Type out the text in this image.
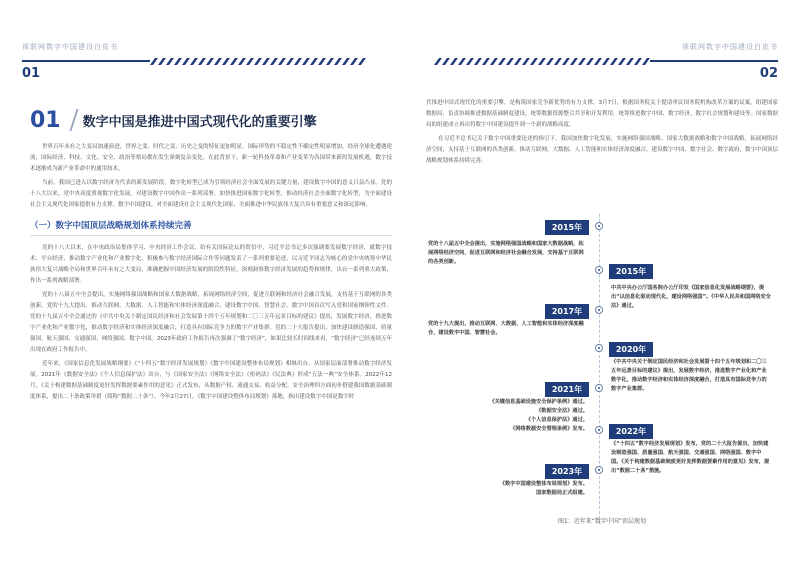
视联网数字中国建设白皮书	视联网数字中国建设白皮书
01	02
01 数字中国是推进中国式现代化的重要引擎

世界百年未有之大变局加速演进，世界之变、时代之变、历史之变的特征更加明显，国际形势的不稳定性不确定性明显增加，经济全球化遭遇逆流，国际经济、科技、文化、安全、政治等格局都在发生深刻复杂变化。在此背景下，新一轮科技革命和产业变革为各国带来新的发展机遇，数字技术逐渐成为新产业革命中的通用技术。

当前，我国已进入以数字经济为代表的新发展阶段，数字化转型已成为引领经济社会全面发展的关键力量，建设数字中国的意义日益凸显。党的十八大以来，党中央高度重视数字化发展，对建设数字中国作出一系列部署，加快推进国家数字化转型，推动经济社会全面数字化转型，为全面建设社会主义现代化国家提供有力支撑。数字中国建设，对全面建设社会主义现代化国家、全面推进中华民族伟大复兴具有重要意义和深远影响。

（一）数字中国顶层战略规划体系持续完善

党的十八大以来，在中央政治局集体学习、中央经济工作会议、给有关国际论坛的贺信中，习近平总书记多次强调要发展数字经济，就数字技术、平台经济、推动数字产业化和产业数字化、积极参与数字经济国际合作等问题发表了一系列重要论述，以习近平同志为核心的党中央统筹中华民族伟大复兴战略全局和世界百年未有之大变局，准确把握中国经济发展的阶段性特征，深刻洞察数字经济发展的趋势和规律，出台一系列重大政策，作出一系列战略部署。

党的十八届五中全会提出，实施网络强国战略和国家大数据战略，拓展网络经济空间，促进互联网和经济社会融合发展，支持基于互联网的各类创新。党的十九大提出，推动互联网、大数据、人工智能和实体经济深度融合，建设数字中国、智慧社会。数字中国首次写入党和国家纲领性文件。党的十九届五中全会通过的《中共中央关于制定国民经济和社会发展第十四个五年规划和二〇三五年远景目标的建议》提出，发展数字经济，推进数字产业化和产业数字化，推动数字经济和实体经济深度融合，打造具有国际竞争力的数字产业集群。党的二十大报告提出，加快建设制造强国、质量强国、航天强国、交通强国、网络强国、数字中国。2023年政府工作报告再次强调了“数字经济”，如果比较长时间线来看，“数字经济”已经连续五年出现在政府工作报告中。

近年来，《国家信息化发展战略纲要》《“十四五”数字经济发展规划》《数字中国建设整体布局规划》相继出台，从国家层面部署推动数字经济发展。2021年《数据安全法》《个人信息保护法》出台，与《国家安全法》《网络安全法》《密码法》《民法典》形成“五法一典”安全体系。2022年12月，《关于构建数据基础制度更好发挥数据要素作用的意见》正式发布，从数据产权、流通交易、收益分配、安全治理四方面初步搭建我国数据基础制度体系，提出二十条政策举措（简称“数据二十条”）。今年2月27日，《数字中国建设整体布局规划》落地，指出建设数字中国是数字时

代推进中国式现代化的重要引擎，是构筑国家竞争新优势的有力支撑。3月7日，根据国务院关于提请审议国务院机构改革方案的议案，组建国家数据局，负责协调推进数据基础制度建设，统筹数据资源整合共享和开发利用，统筹推进数字中国、数字经济、数字社会规划和建设等。国家数据局的组建成立再次将数字中国建设提升到一个新的战略高度。

在习近平总书记关于数字中国重要论述的指引下，我国加快数字化发展，实施网络强国战略、国家大数据战略和数字中国战略，拓展网络经济空间，支持基于互联网的各类创新，推动互联网、大数据、人工智能和实体经济深度融合，建设数字中国、数字社会、数字政府，数字中国顶层战略规划体系持续完善。

2015年
党的十八届五中全会提出，实施网络强国战略和国家大数据战略，拓展网络经济空间，促进互联网和经济社会融合发展，支持基于互联网的各类创新。
2015年
中共中央办公厅国务院办公厅印发《国家信息化发展战略纲要》，提出“以信息化驱动现代化，建设网络强国”。《中华人民共和国网络安全法》通过。
2017年
党的十九大提出，推动互联网、大数据、人工智能和实体经济深度融合，建设数字中国、智慧社会。
2020年
《中共中央关于制定国民经济和社会发展第十四个五年规划和二〇三五年远景目标的建议》提出，发展数字经济，推进数字产业化和产业数字化，推动数字经济和实体经济深度融合，打造具有国际竞争力的数字产业集群。
2021年
《关键信息基础设施安全保护条例》通过。
《数据安全法》通过。
《个人信息保护法》通过。
《网络数据安全管理条例》发布。	2022年
《“十四五”数字经济发展规划》发布。党的二十大报告提出，加快建设制造强国、质量强国、航天强国、交通强国、网络强国、数字中国。《关于构建数据基础制度更好发挥数据要素作用的意见》发布，提出“数据二十条”措施。
2023年
《数字中国建设整体布局规划》发布。
国家数据局正式组建。
图1：近年来“数字中国”顶层规划
